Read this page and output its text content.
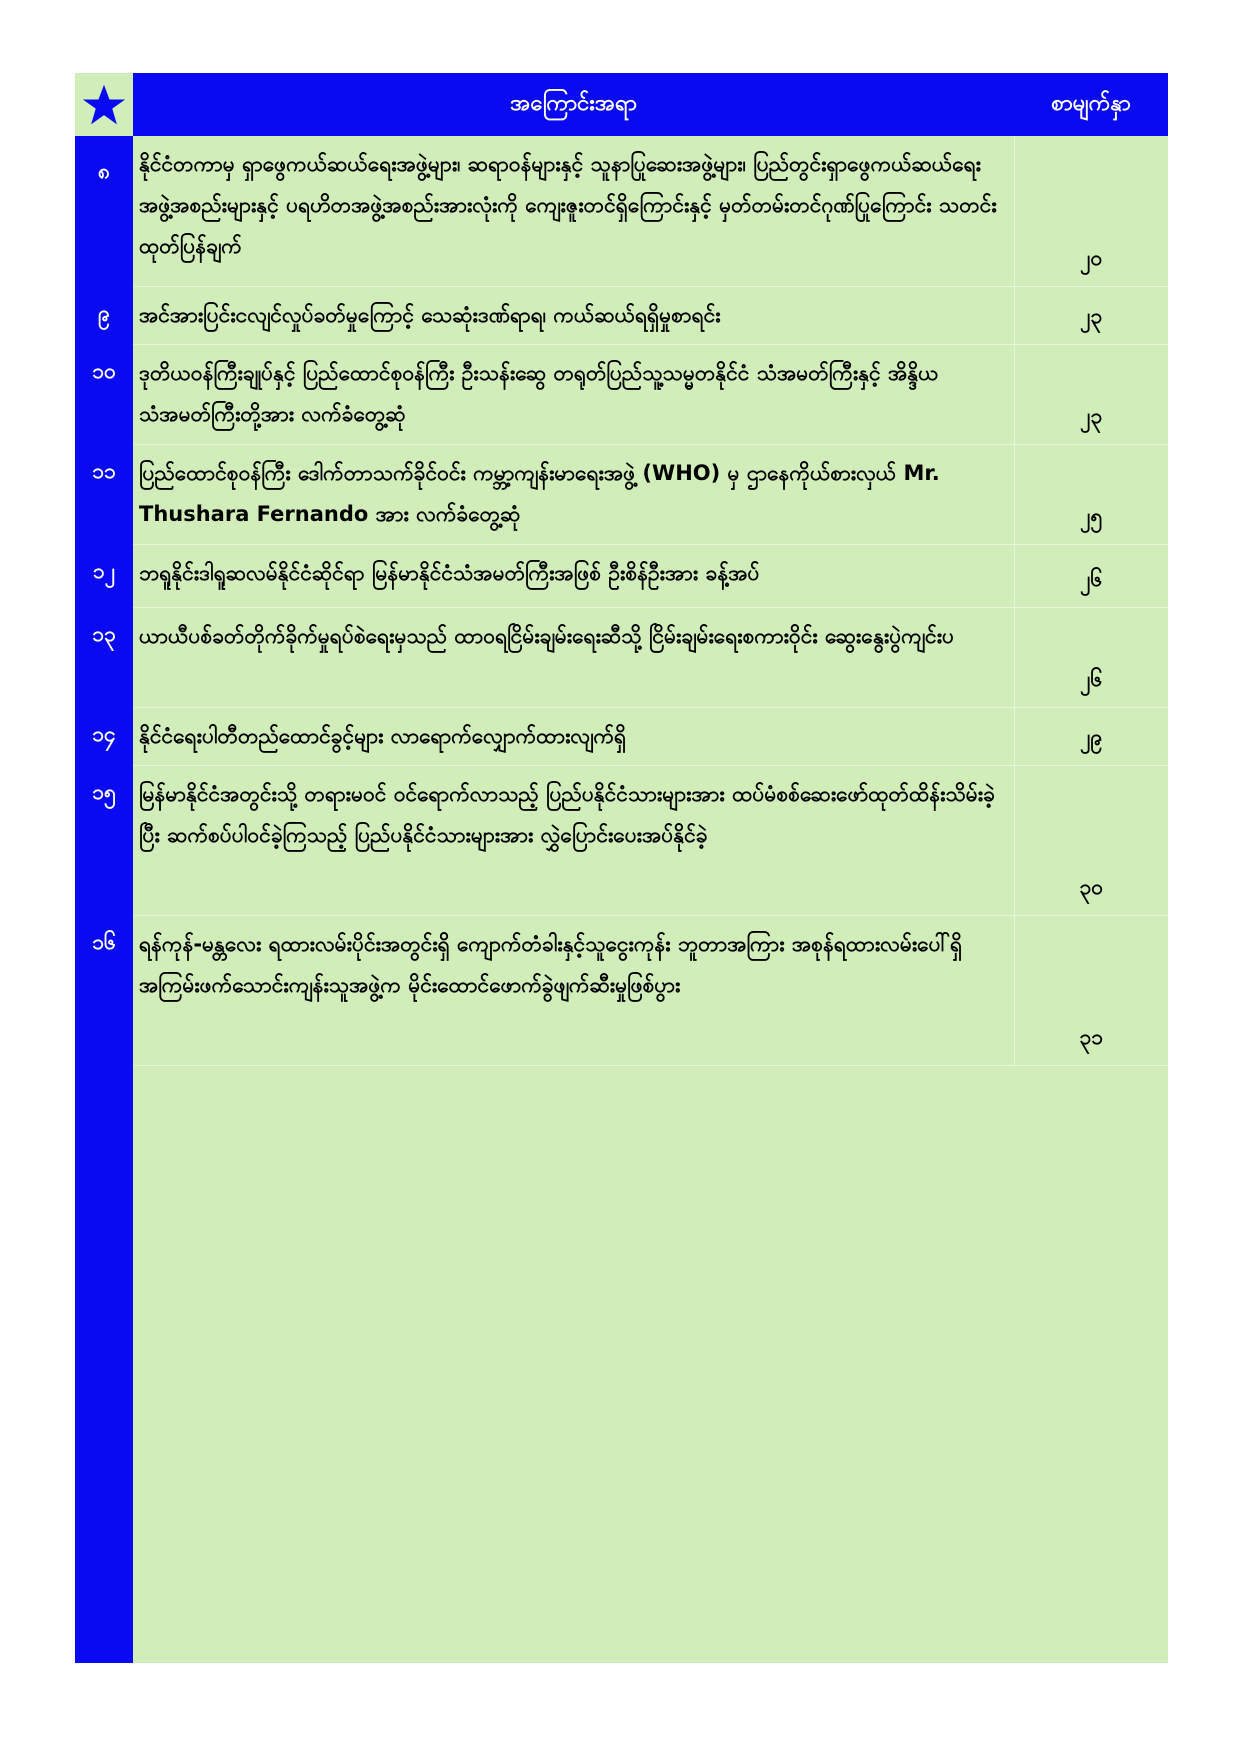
	အကြောင်းအရာ	စာမျက်နှာ
၈	နိုင်ငံတကာမှ ရှာဖွေကယ်ဆယ်ရေးအဖွဲ့များ၊ ဆရာဝန်များနှင့် သူနာပြုဆေးအဖွဲ့များ၊ ပြည်တွင်းရှာဖွေကယ်ဆယ်ရေးအဖွဲ့အစည်းများနှင့် ပရဟိတအဖွဲ့အစည်းအားလုံးကို ကျေးဇူးတင်ရှိကြောင်းနှင့် မှတ်တမ်းတင်ဂုဏ်ပြုကြောင်း သတင်းထုတ်ပြန်ချက်	၂၀
၉	အင်အားပြင်းငလျင်လှုပ်ခတ်မှုကြောင့် သေဆုံးဒဏ်ရာရ၊ ကယ်ဆယ်ရရှိမှုစာရင်း	၂၃
၁၀	ဒုတိယဝန်ကြီးချုပ်နှင့် ပြည်ထောင်စုဝန်ကြီး ဦးသန်းဆွေ တရုတ်ပြည်သူ့သမ္မတနိုင်ငံ သံအမတ်ကြီးနှင့် အိန္ဒိယသံအမတ်ကြီးတို့အား လက်ခံတွေ့ဆုံ	၂၃
၁၁	ပြည်ထောင်စုဝန်ကြီး ဒေါက်တာသက်ခိုင်ဝင်း ကမ္ဘာ့ကျန်းမာရေးအဖွဲ့ (WHO) မှ ဌာနေကိုယ်စားလှယ် Mr. Thushara Fernando အား လက်ခံတွေ့ဆုံ	၂၅
၁၂	ဘရူနိုင်းဒါရူဆလမ်နိုင်ငံဆိုင်ရာ မြန်မာနိုင်ငံသံအမတ်ကြီးအဖြစ် ဦးစိန်ဦးအား ခန့်အပ်	၂၆
၁၃	ယာယီပစ်ခတ်တိုက်ခိုက်မှုရပ်စဲရေးမှသည် ထာဝရငြိမ်းချမ်းရေးဆီသို့ ငြိမ်းချမ်းရေးစကားဝိုင်း ဆွေးနွေးပွဲကျင်းပ	၂၆
၁၄	နိုင်ငံရေးပါတီတည်ထောင်ခွင့်များ လာရောက်လျှောက်ထားလျက်ရှိ	၂၉
၁၅	မြန်မာနိုင်ငံအတွင်းသို့ တရားမဝင် ဝင်ရောက်လာသည့် ပြည်ပနိုင်ငံသားများအား ထပ်မံစစ်ဆေးဖော်ထုတ်ထိန်းသိမ်းခဲ့ပြီး ဆက်စပ်ပါဝင်ခဲ့ကြသည့် ပြည်ပနိုင်ငံသားများအား လွှဲပြောင်းပေးအပ်နိုင်ခဲ့	၃၀
၁၆	ရန်ကုန်-မန္တလေး ရထားလမ်းပိုင်းအတွင်းရှိ ကျောက်တံခါးနှင့်သူငွေးကုန်း ဘူတာအကြား အစုန်ရထားလမ်းပေါ်ရှိ အကြမ်းဖက်သောင်းကျန်းသူအဖွဲ့က မိုင်းထောင်ဖောက်ခွဲဖျက်ဆီးမှုဖြစ်ပွား	၃၁
